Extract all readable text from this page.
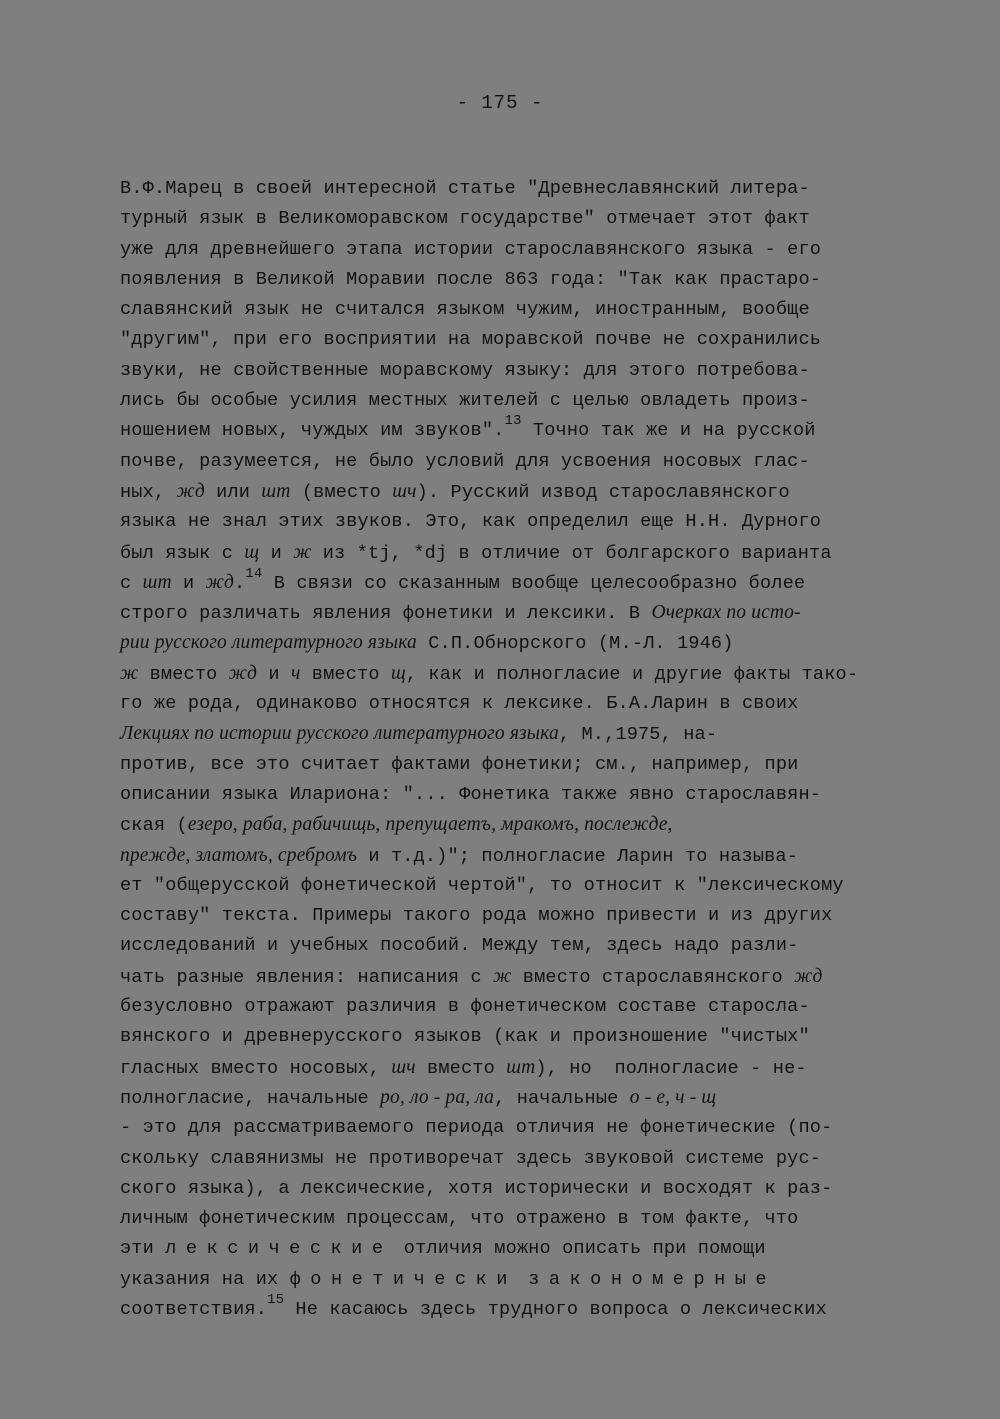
- 175 -
В.Ф.Марец в своей интересной статье "Древнеславянский литера-
турный язык в Великоморавском государстве" отмечает этот факт
уже для древнейшего этапа истории старославянского языка - его
появления в Великой Моравии после 863 года: "Так как прастаро-
славянский язык не считался языком чужим, иностранным, вообще
"другим", при его восприятии на моравской почве не сохранились
звуки, не свойственные моравскому языку: для этого потребова-
лись бы особые усилия местных жителей с целью овладеть произ-
ношением новых, чуждых им звуков".$^{13}$ Точно так же и на русской
почве, разумеется, не было условий для усвоения носовых глас-
ных, жд или шт (вместо шч). Русский извод старославянского
языка не знал этих звуков. Это, как определил еще Н.Н. Дурного
был язык с щ и ж из *tj, *dj в отличие от болгарского варианта
с шт и жд.$^{14}$ В связи со сказанным вообще целесообразно более
строго различать явления фонетики и лексики. В Очерках по исто-
рии русского литературного языка С.П.Обнорского (М.-Л. 1946)
ж вместо жд и ч вместо щ, как и полногласие и другие факты тако-
го же рода, одинаково относятся к лексике. Б.А.Ларин в своих
Лекциях по истории русского литературного языка, М.,1975, на-
против, все это считает фактами фонетики; см., например, при
описании языка Илариона: "... Фонетика также явно старославян-
ская (езеро, раба, рабичищь, препущаетъ, мракомъ, послежде,
прежде, златомъ, сребромъ и т.д.)"; полногласие Ларин то называ-
ет "общерусской фонетической чертой", то относит к "лексическому
составу" текста. Примеры такого рода можно привести и из других
исследований и учебных пособий. Между тем, здесь надо разли-
чать разные явления: написания с ж вместо старославянского жд
безусловно отражают различия в фонетическом составе старосла-
вянского и древнерусского языков (как и произношение "чистых"
гласных вместо носовых, шч вместо шт), но  полногласие - не-
полногласие, начальные ро, ло - ра, ла, начальные о - е, ч - щ
- это для рассматриваемого периода отличия не фонетические (по-
скольку славянизмы не противоречат здесь звуковой системе рус-
ского языка), а лексические, хотя исторически и восходят к раз-
личным фонетическим процессам, что отражено в том факте, что
эти лексические отличия можно описать при помощи
указания на их фонетически закономерные
соответствия.$^{15}$ Не касаюсь здесь трудного вопроса о лексических
